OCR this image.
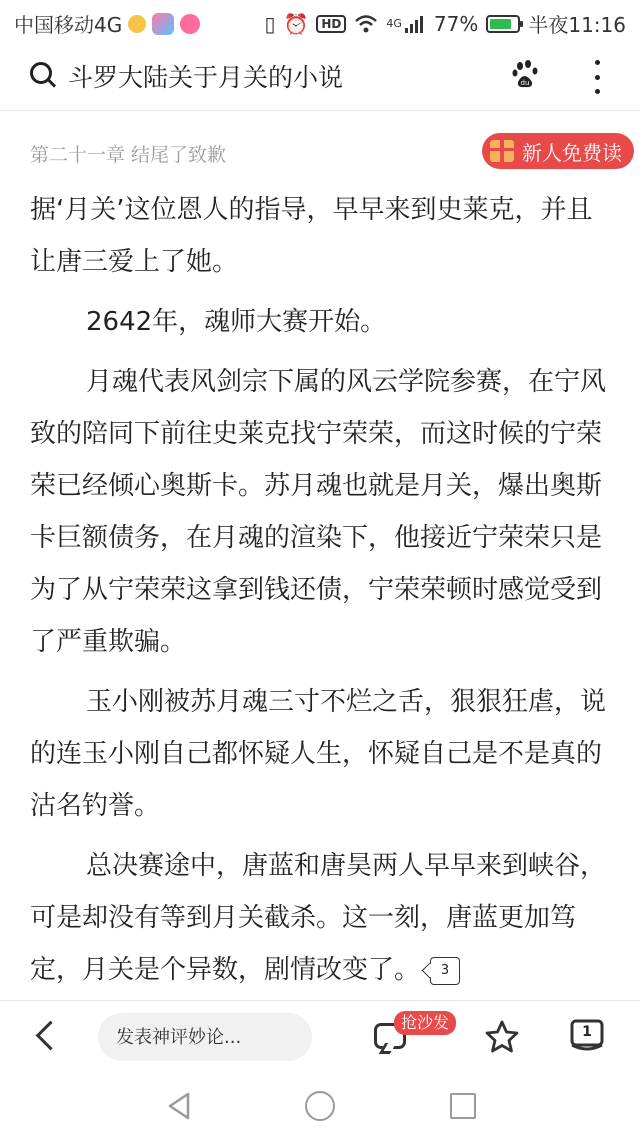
中国移动4G	▯ ⏰	HD	4G 77%	半夜11:16
斗罗大陆关于月关的小说	du
第二十一章 结尾了致歉	新人免费读

据‘月关’这位恩人的指导，早早来到史莱克，并且让唐三爱上了她。

2642年，魂师大赛开始。

月魂代表风剑宗下属的风云学院参赛，在宁风致的陪同下前往史莱克找宁荣荣，而这时候的宁荣荣已经倾心奥斯卡。苏月魂也就是月关，爆出奥斯卡巨额债务，在月魂的渲染下，他接近宁荣荣只是为了从宁荣荣这拿到钱还债，宁荣荣顿时感觉受到了严重欺骗。

玉小刚被苏月魂三寸不烂之舌，狠狠狂虐，说的连玉小刚自己都怀疑人生，怀疑自己是不是真的沽名钓誉。

总决赛途中，唐蓝和唐昊两人早早来到峡谷，可是却没有等到月关截杀。这一刻，唐蓝更加笃定，月关是个异数，剧情改变了。 3

发表神评妙论...
抢沙发	1
